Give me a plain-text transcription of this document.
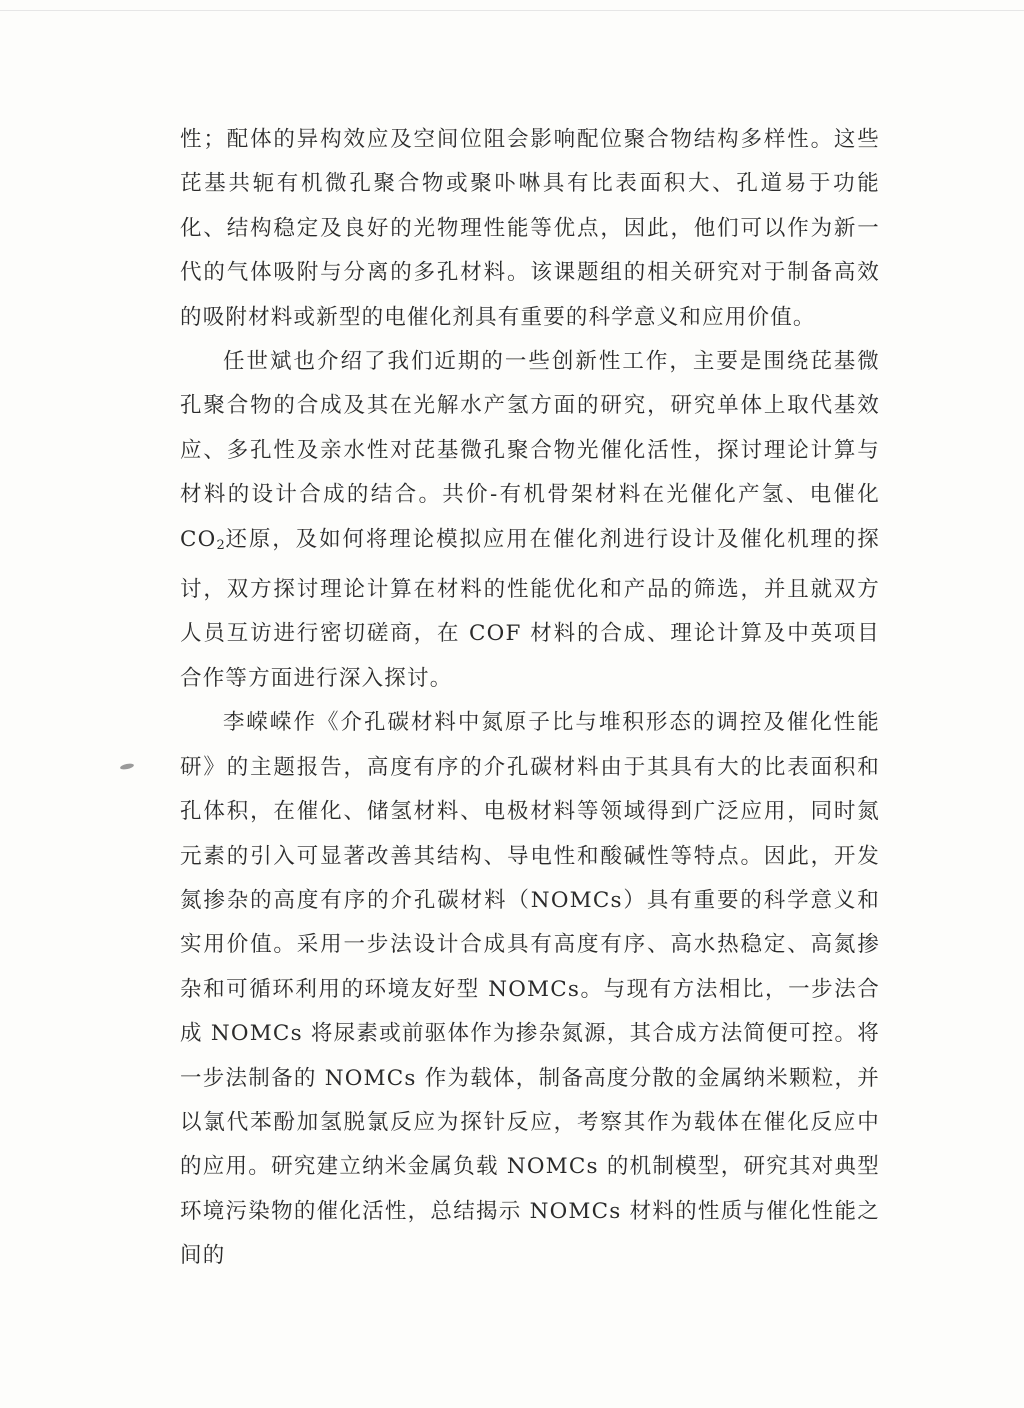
性；配体的异构效应及空间位阻会影响配位聚合物结构多样性。这些芘基共轭有机微孔聚合物或聚卟啉具有比表面积大、孔道易于功能化、结构稳定及良好的光物理性能等优点，因此，他们可以作为新一代的气体吸附与分离的多孔材料。该课题组的相关研究对于制备高效的吸附材料或新型的电催化剂具有重要的科学意义和应用价值。

任世斌也介绍了我们近期的一些创新性工作，主要是围绕芘基微孔聚合物的合成及其在光解水产氢方面的研究，研究单体上取代基效应、多孔性及亲水性对芘基微孔聚合物光催化活性，探讨理论计算与材料的设计合成的结合。共价-有机骨架材料在光催化产氢、电催化 $CO_2$还原，及如何将理论模拟应用在催化剂进行设计及催化机理的探讨，双方探讨理论计算在材料的性能优化和产品的筛选，并且就双方人员互访进行密切磋商，在 COF 材料的合成、理论计算及中英项目合作等方面进行深入探讨。

李嵘嵘作《介孔碳材料中氮原子比与堆积形态的调控及催化性能研》的主题报告，高度有序的介孔碳材料由于其具有大的比表面积和孔体积，在催化、储氢材料、电极材料等领域得到广泛应用，同时氮元素的引入可显著改善其结构、导电性和酸碱性等特点。因此，开发氮掺杂的高度有序的介孔碳材料（NOMCs）具有重要的科学意义和实用价值。采用一步法设计合成具有高度有序、高水热稳定、高氮掺杂和可循环利用的环境友好型 NOMCs。与现有方法相比，一步法合成 NOMCs 将尿素或前驱体作为掺杂氮源，其合成方法简便可控。将一步法制备的 NOMCs 作为载体，制备高度分散的金属纳米颗粒，并以氯代苯酚加氢脱氯反应为探针反应，考察其作为载体在催化反应中的应用。研究建立纳米金属负载 NOMCs 的机制模型，研究其对典型环境污染物的催化活性，总结揭示 NOMCs 材料的性质与催化性能之间的
